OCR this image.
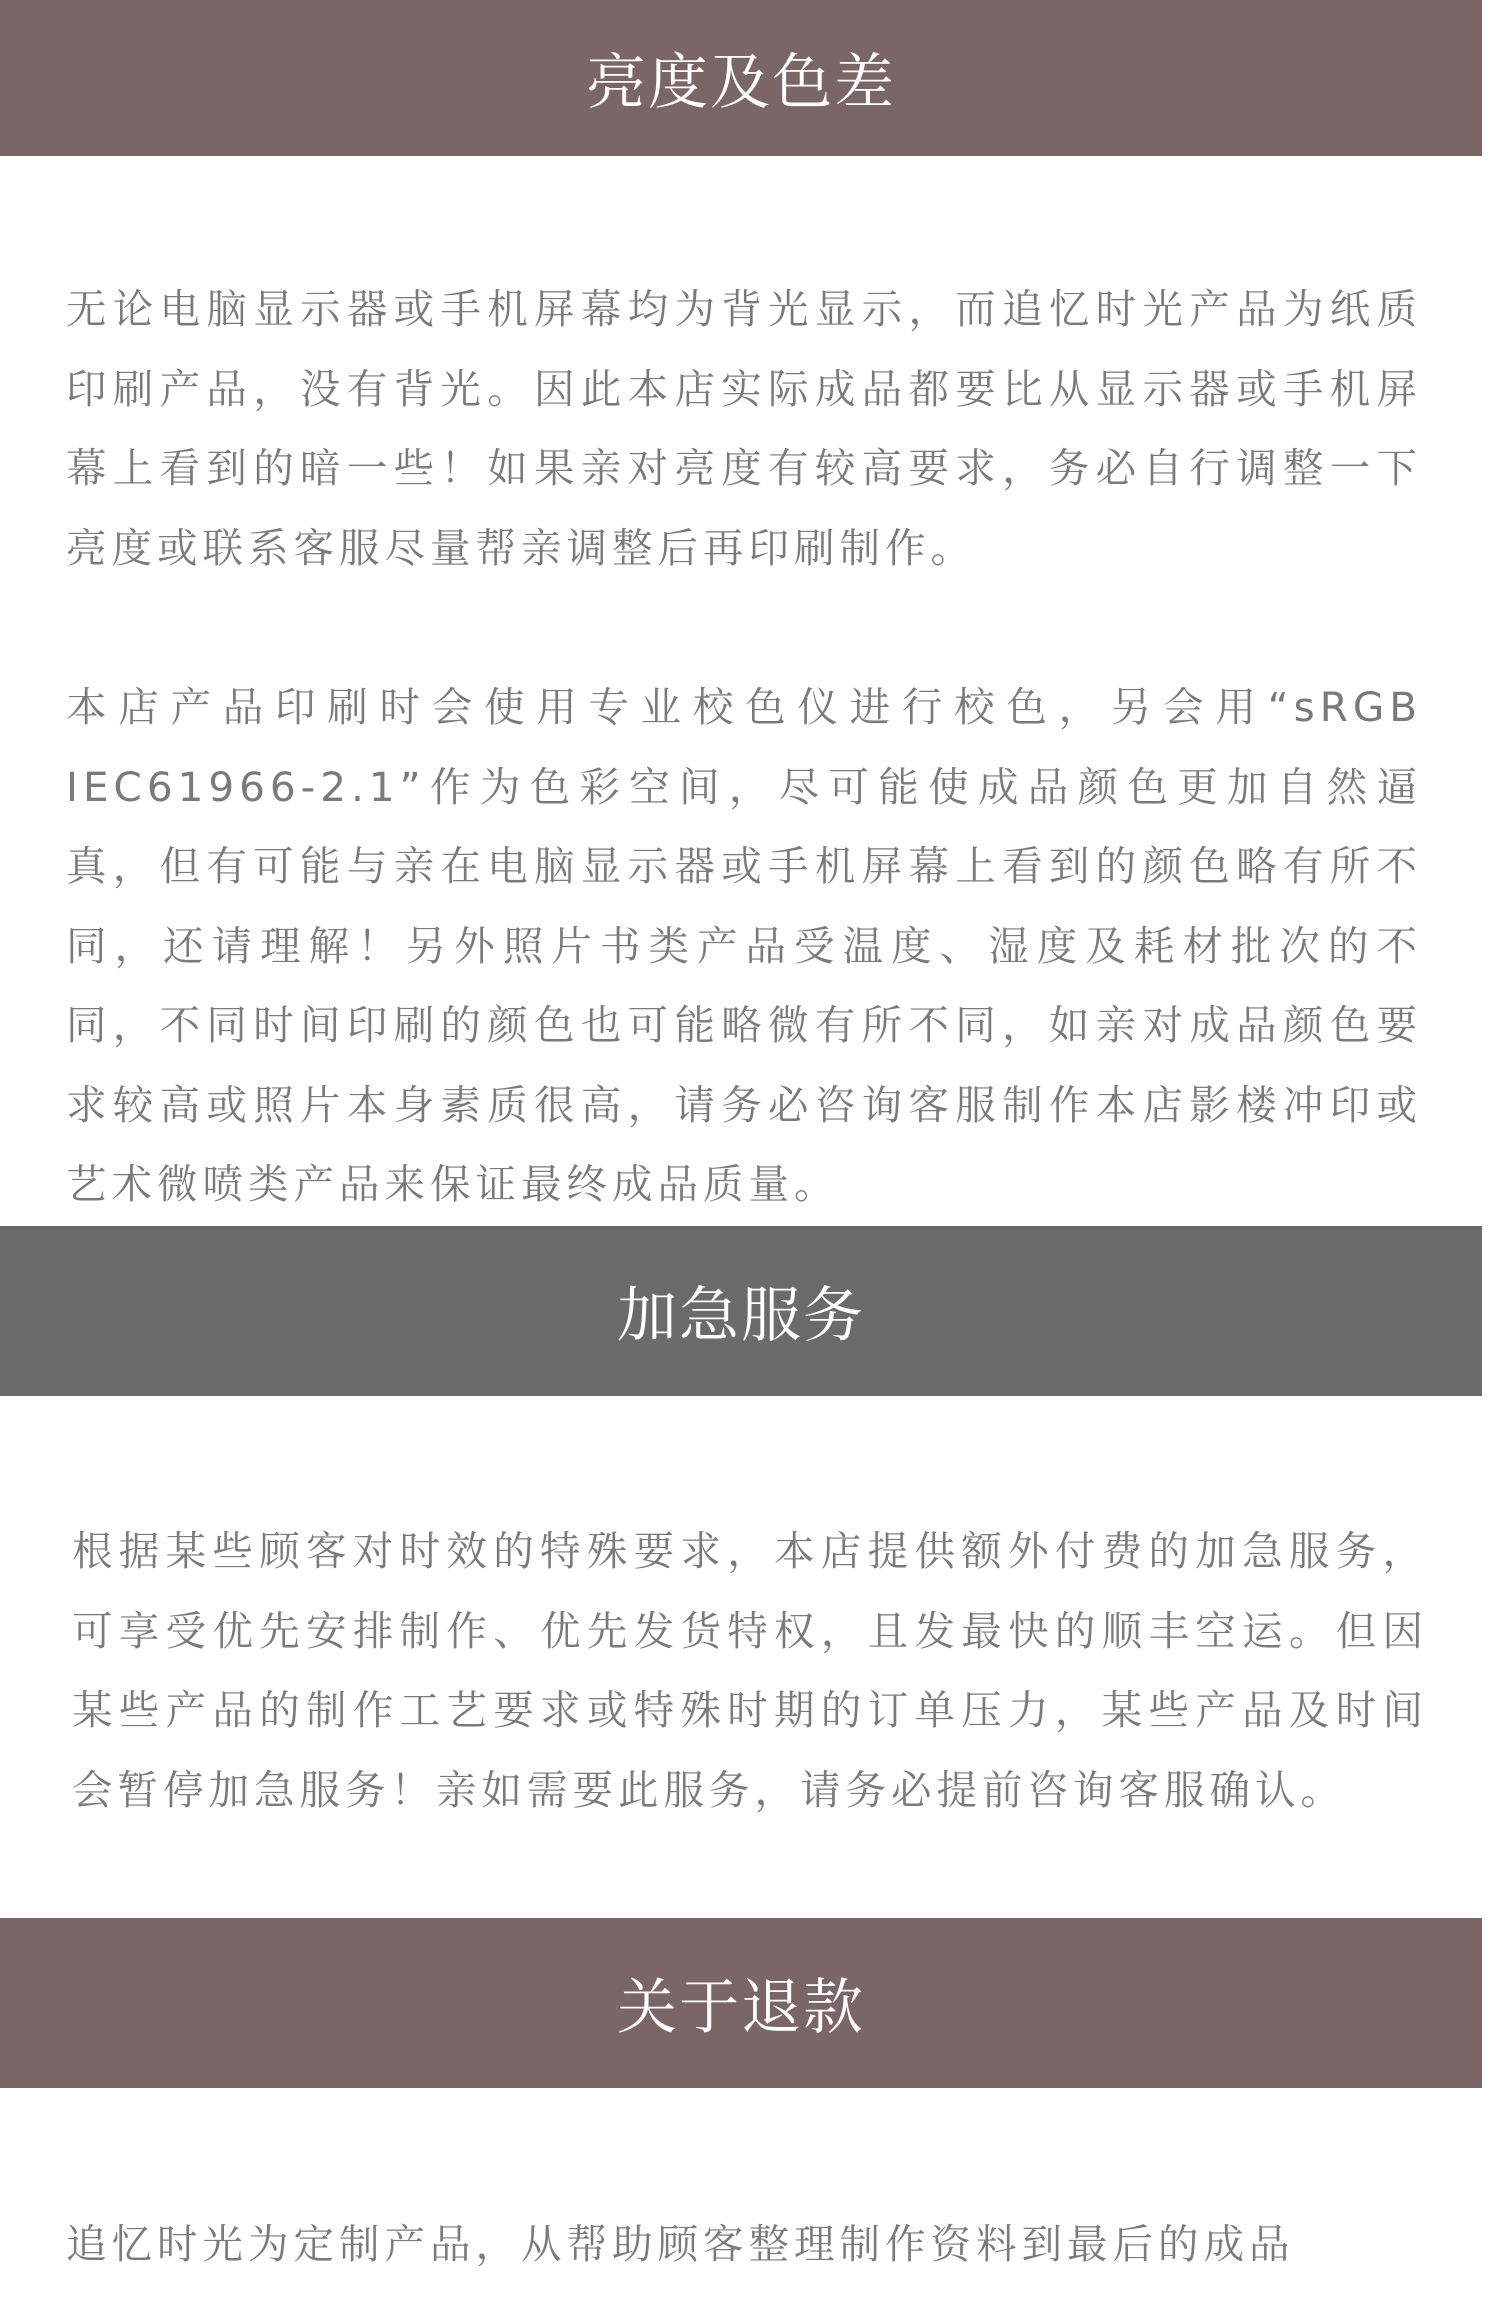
亮度及色差

无论电脑显示器或手机屏幕均为背光显示，而追忆时光产品为纸质印刷产品，没有背光。因此本店实际成品都要比从显示器或手机屏幕上看到的暗一些！如果亲对亮度有较高要求，务必自行调整一下亮度或联系客服尽量帮亲调整后再印刷制作。

本店产品印刷时会使用专业校色仪进行校色，另会用“sRGB IEC61966-2.1”作为色彩空间，尽可能使成品颜色更加自然逼真，但有可能与亲在电脑显示器或手机屏幕上看到的颜色略有所不同，还请理解！另外照片书类产品受温度、湿度及耗材批次的不同，不同时间印刷的颜色也可能略微有所不同，如亲对成品颜色要求较高或照片本身素质很高，请务必咨询客服制作本店影楼冲印或艺术微喷类产品来保证最终成品质量。

加急服务

根据某些顾客对时效的特殊要求，本店提供额外付费的加急服务，可享受优先安排制作、优先发货特权，且发最快的顺丰空运。但因某些产品的制作工艺要求或特殊时期的订单压力，某些产品及时间会暂停加急服务！亲如需要此服务，请务必提前咨询客服确认。

关于退款

追忆时光为定制产品，从帮助顾客整理制作资料到最后的成品
